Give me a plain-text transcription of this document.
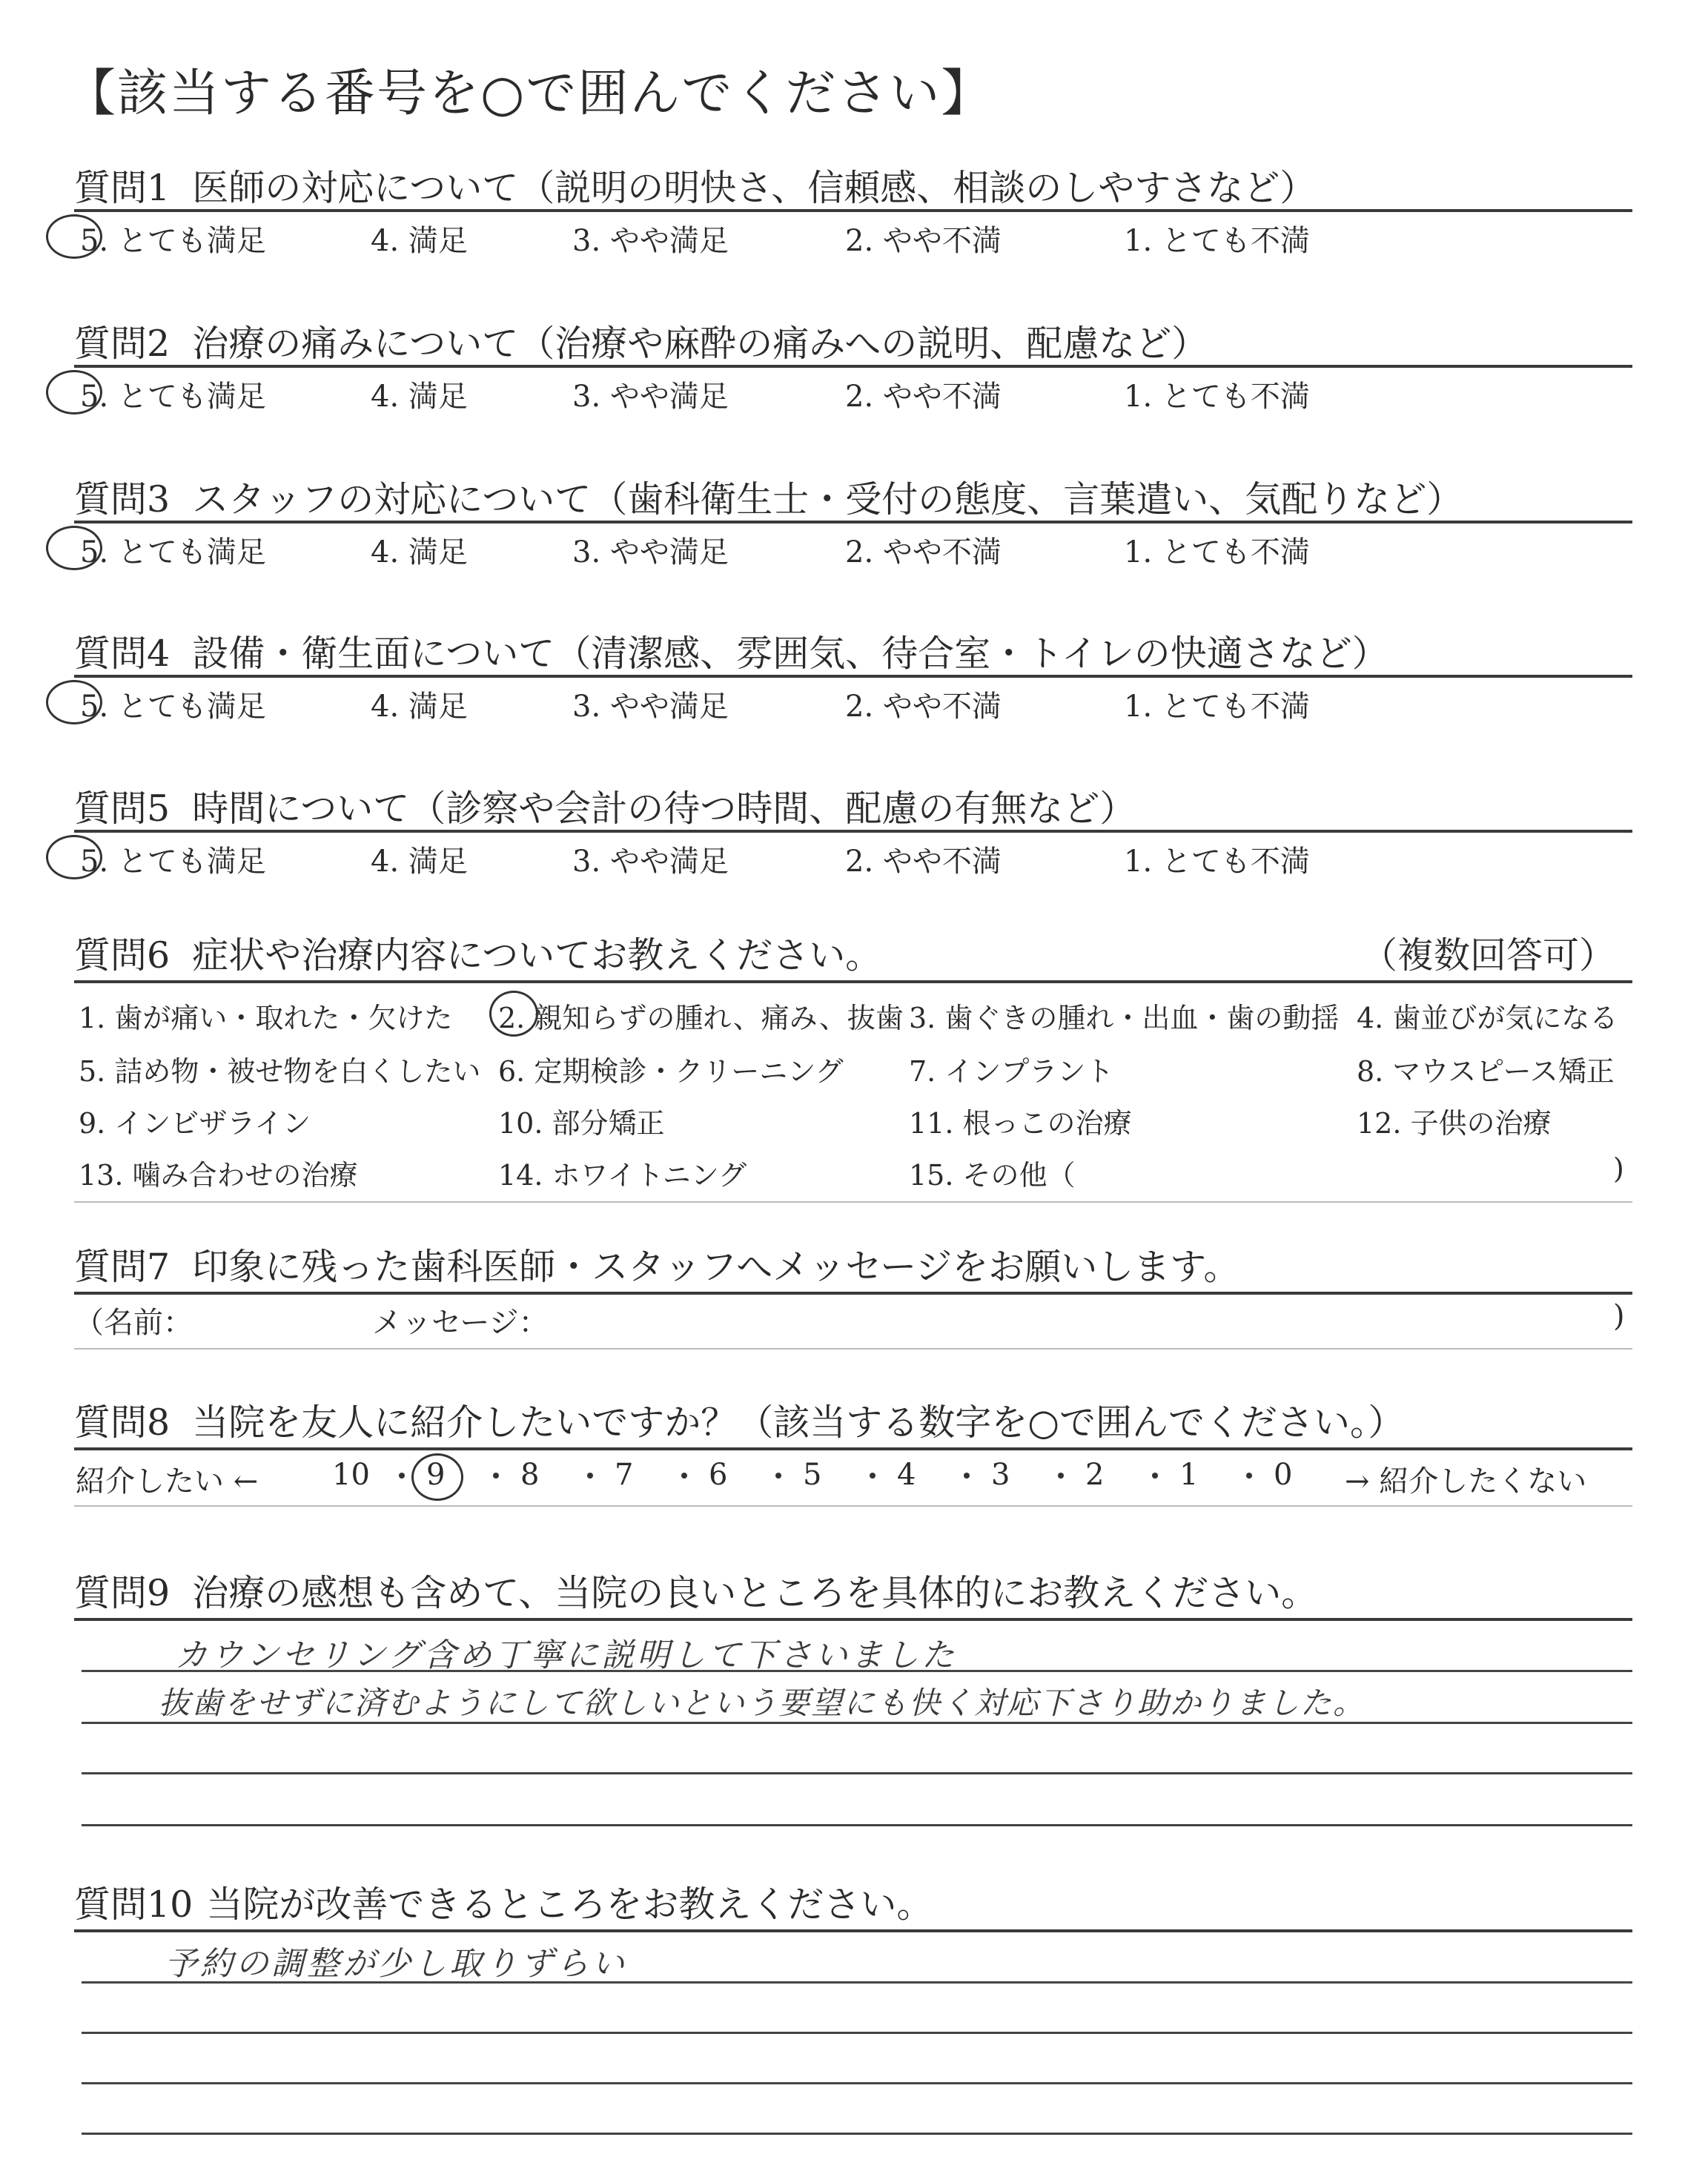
【該当する番号を○で囲んでください】
質問1 医師の対応について（説明の明快さ、信頼感、相談のしやすさなど）
5. とても満足	4. 満足	3. やや満足	2. やや不満	1. とても不満
質問2 治療の痛みについて（治療や麻酔の痛みへの説明、配慮など）
5. とても満足	4. 満足	3. やや満足	2. やや不満	1. とても不満
質問3 スタッフの対応について（歯科衛生士・受付の態度、言葉遣い、気配りなど）
5. とても満足	4. 満足	3. やや満足	2. やや不満	1. とても不満
質問4 設備・衛生面について（清潔感、雰囲気、待合室・トイレの快適さなど）
5. とても満足	4. 満足	3. やや満足	2. やや不満	1. とても不満
質問5 時間について（診察や会計の待つ時間、配慮の有無など）
5. とても満足	4. 満足	3. やや満足	2. やや不満	1. とても不満
質問6 症状や治療内容についてお教えください。	（複数回答可）
1. 歯が痛い・取れた・欠けた 2. 親知らずの腫れ、痛み、抜歯 3. 歯ぐきの腫れ・出血・歯の動揺 4. 歯並びが気になる
5. 詰め物・被せ物を白くしたい 6. 定期検診・クリーニング 7. インプラント	8. マウスピース矯正
9. インビザライン	10. 部分矯正	11. 根っこの治療	12. 子供の治療
13. 噛み合わせの治療	14. ホワイトニング	15. その他（	)
質問7 印象に残った歯科医師・スタッフへメッセージをお願いします。
（名前：	メッセージ：	)
質問8 当院を友人に紹介したいですか？（該当する数字を○で囲んでください。）
紹介したい ← 10 9	8	7	6	5	4	3	2	1	0 → 紹介したくない
質問9 治療の感想も含めて、当院の良いところを具体的にお教えください。
カウンセリング含め丁寧に説明して下さいました
抜歯をせずに済むようにして欲しいという要望にも快く対応下さり助かりました。
質問10 当院が改善できるところをお教えください。
予約の調整が少し取りずらい
